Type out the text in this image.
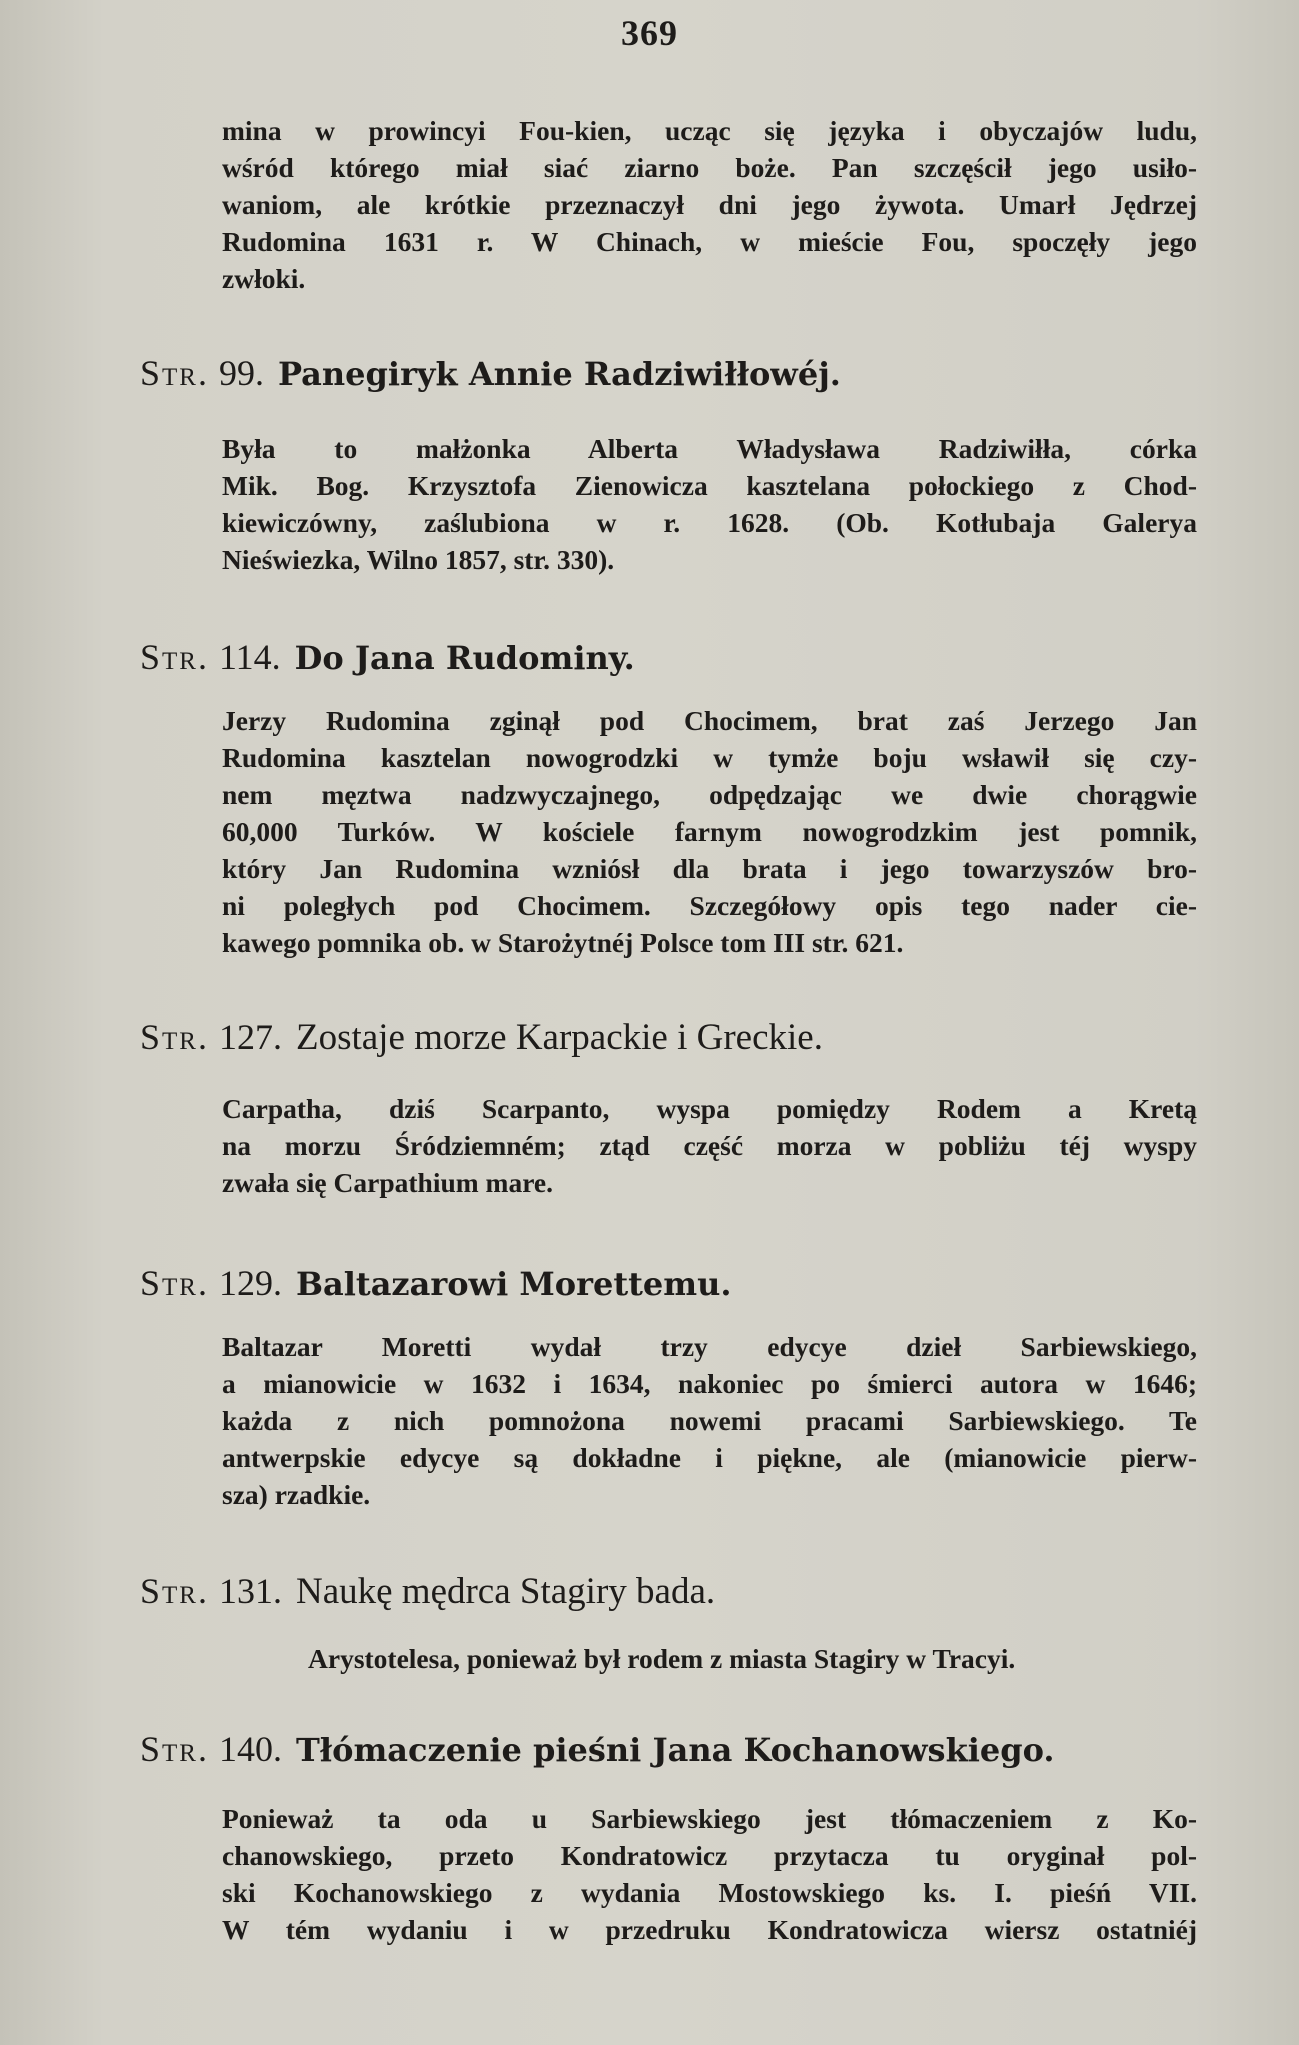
369

mina w prowincyi Fou-kien, ucząc się języka i obyczajów ludu,
wśród którego miał siać ziarno boże. Pan szczęścił jego usiło-
waniom, ale krótkie przeznaczył dni jego żywota. Umarł Jędrzej
Rudomina 1631 r. W Chinach, w mieście Fou, spoczęły jego
zwłoki.

Str. 99. Panegiryk Annie Radziwiłłowéj.

Była to małżonka Alberta Władysława Radziwiłła, córka
Mik. Bog. Krzysztofa Zienowicza kasztelana połockiego z Chod-
kiewiczówny, zaślubiona w r. 1628. (Ob. Kotłubaja Galerya
Nieświezka, Wilno 1857, str. 330).

Str. 114. Do Jana Rudominy.

Jerzy Rudomina zginął pod Chocimem, brat zaś Jerzego Jan
Rudomina kasztelan nowogrodzki w tymże boju wsławił się czy-
nem męztwa nadzwyczajnego, odpędzając we dwie chorągwie
60,000 Turków. W kościele farnym nowogrodzkim jest pomnik,
który Jan Rudomina wzniósł dla brata i jego towarzyszów bro-
ni poległych pod Chocimem. Szczegółowy opis tego nader cie-
kawego pomnika ob. w Starożytnéj Polsce tom III str. 621.

Str. 127. Zostaje morze Karpackie i Greckie.

Carpatha, dziś Scarpanto, wyspa pomiędzy Rodem a Kretą
na morzu Śródziemném; ztąd część morza w pobliżu téj wyspy
zwała się Carpathium mare.

Str. 129. Baltazarowi Morettemu.

Baltazar Moretti wydał trzy edycye dzieł Sarbiewskiego,
a mianowicie w 1632 i 1634, nakoniec po śmierci autora w 1646;
każda z nich pomnożona nowemi pracami Sarbiewskiego. Te
antwerpskie edycye są dokładne i piękne, ale (mianowicie pierw-
sza) rzadkie.

Str. 131. Naukę mędrca Stagiry bada.

Arystotelesa, ponieważ był rodem z miasta Stagiry w Tracyi.

Str. 140. Tłómaczenie pieśni Jana Kochanowskiego.

Ponieważ ta oda u Sarbiewskiego jest tłómaczeniem z Ko-
chanowskiego, przeto Kondratowicz przytacza tu oryginał pol-
ski Kochanowskiego z wydania Mostowskiego ks. I. pieśń VII.
W tém wydaniu i w przedruku Kondratowicza wiersz ostatniéj
